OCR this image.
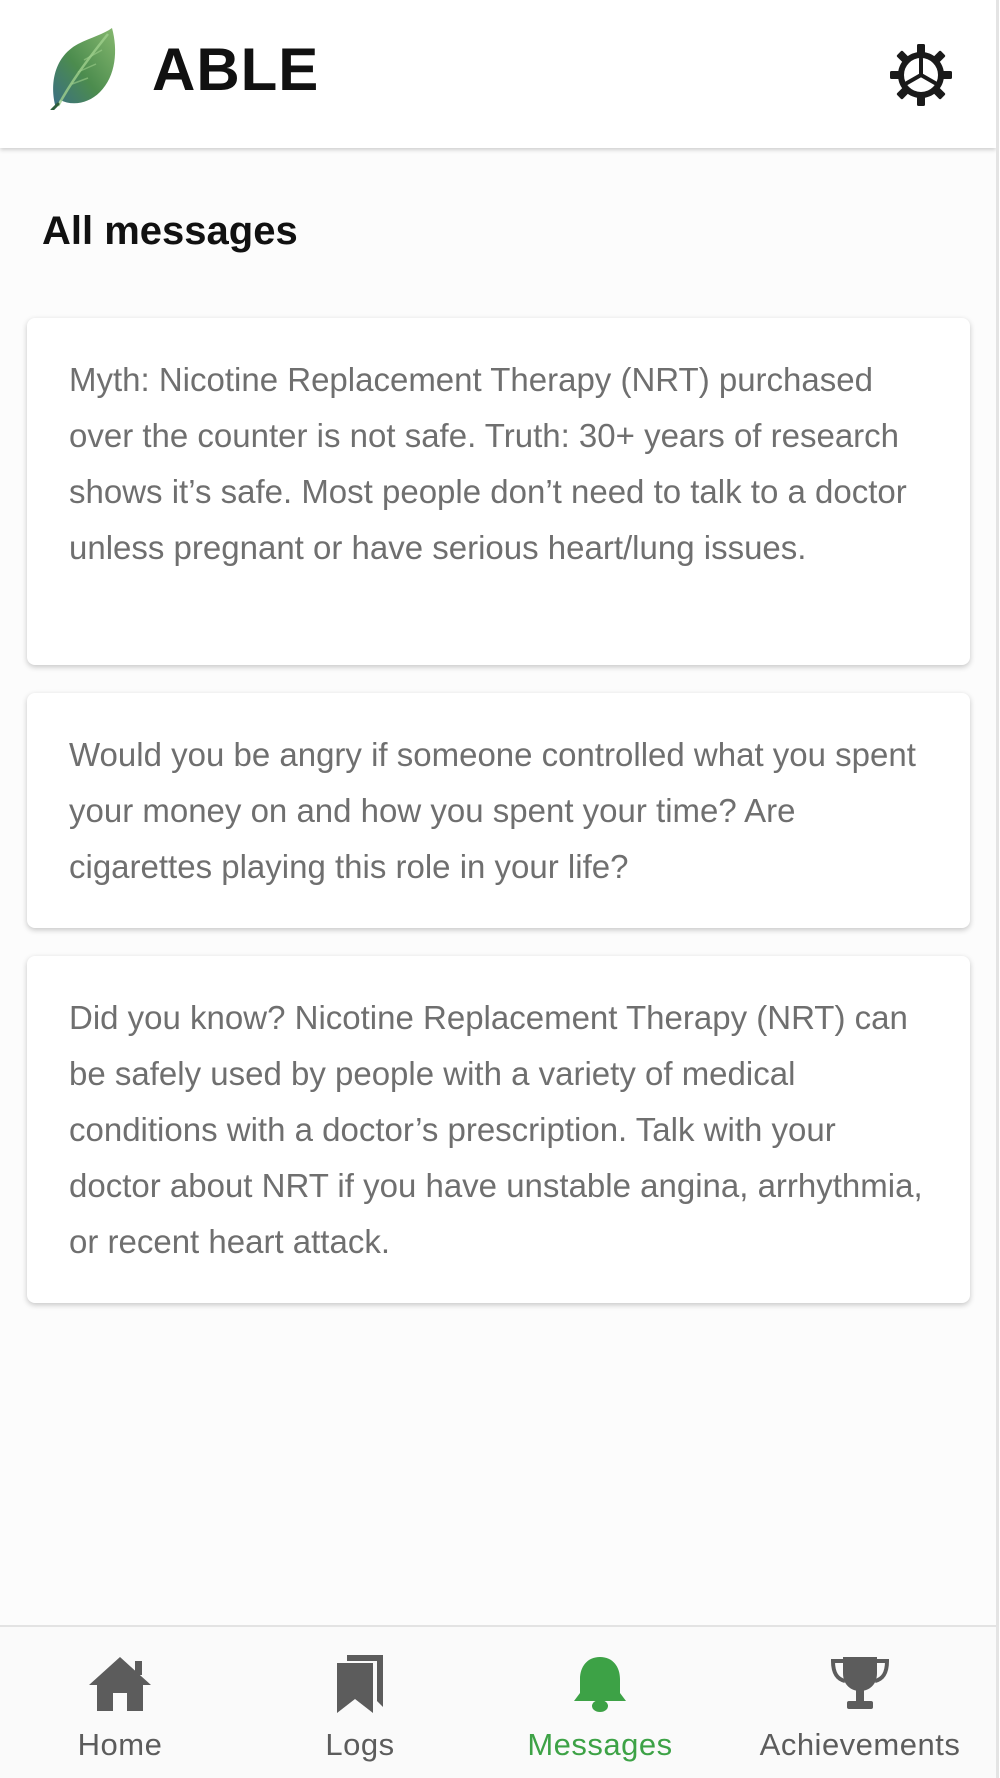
ABLE
All messages
Myth: Nicotine Replacement Therapy (NRT) purchased over the counter is not safe. Truth: 30+ years of research shows it’s safe. Most people don’t need to talk to a doctor unless pregnant or have serious heart/lung issues.
Would you be angry if someone controlled what you spent your money on and how you spent your time? Are cigarettes playing this role in your life?
Did you know? Nicotine Replacement Therapy (NRT) can be safely used by people with a variety of medical conditions with a doctor’s prescription. Talk with your doctor about NRT if you have unstable angina, arrhythmia, or recent heart attack.
Home	Logs	Messages	Achievements
